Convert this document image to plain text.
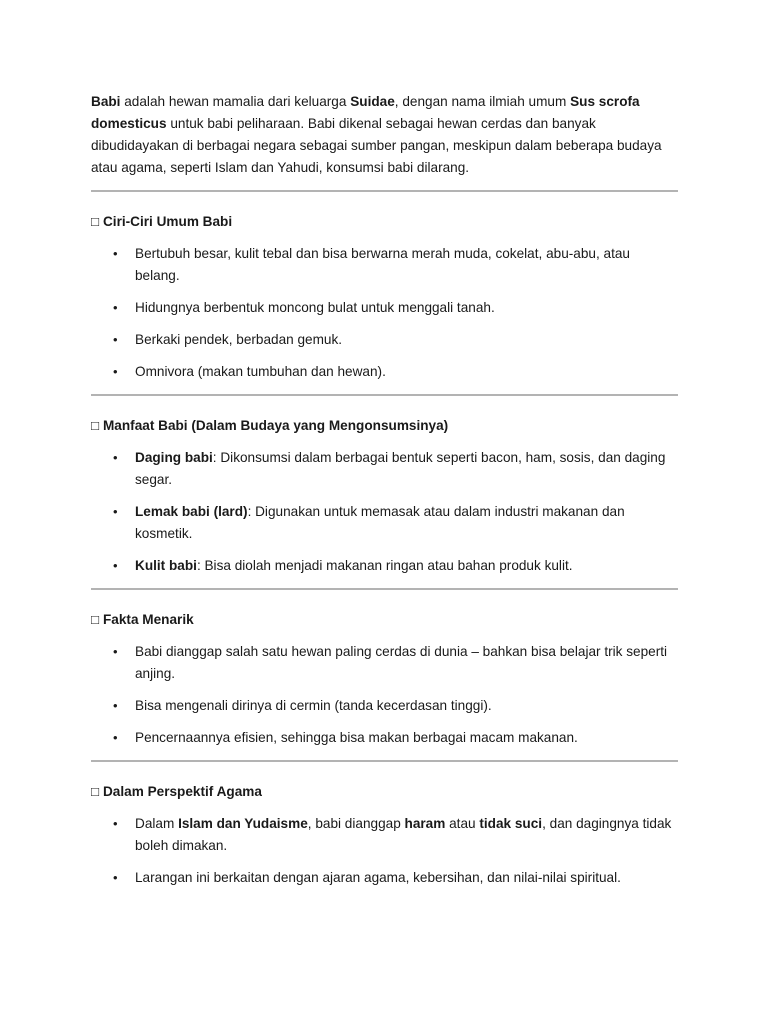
Babi adalah hewan mamalia dari keluarga Suidae, dengan nama ilmiah umum Sus scrofa domesticus untuk babi peliharaan. Babi dikenal sebagai hewan cerdas dan banyak dibudidayakan di berbagai negara sebagai sumber pangan, meskipun dalam beberapa budaya atau agama, seperti Islam dan Yahudi, konsumsi babi dilarang.

□ Ciri-Ciri Umum Babi
• Bertubuh besar, kulit tebal dan bisa berwarna merah muda, cokelat, abu-abu, atau belang.
• Hidungnya berbentuk moncong bulat untuk menggali tanah.
• Berkaki pendek, berbadan gemuk.
• Omnivora (makan tumbuhan dan hewan).
□ Manfaat Babi (Dalam Budaya yang Mengonsumsinya)
• Daging babi: Dikonsumsi dalam berbagai bentuk seperti bacon, ham, sosis, dan daging segar.
• Lemak babi (lard): Digunakan untuk memasak atau dalam industri makanan dan kosmetik.
• Kulit babi: Bisa diolah menjadi makanan ringan atau bahan produk kulit.
□ Fakta Menarik
• Babi dianggap salah satu hewan paling cerdas di dunia – bahkan bisa belajar trik seperti anjing.
• Bisa mengenali dirinya di cermin (tanda kecerdasan tinggi).
• Pencernaannya efisien, sehingga bisa makan berbagai macam makanan.
□ Dalam Perspektif Agama
• Dalam Islam dan Yudaisme, babi dianggap haram atau tidak suci, dan dagingnya tidak boleh dimakan.
• Larangan ini berkaitan dengan ajaran agama, kebersihan, dan nilai-nilai spiritual.
